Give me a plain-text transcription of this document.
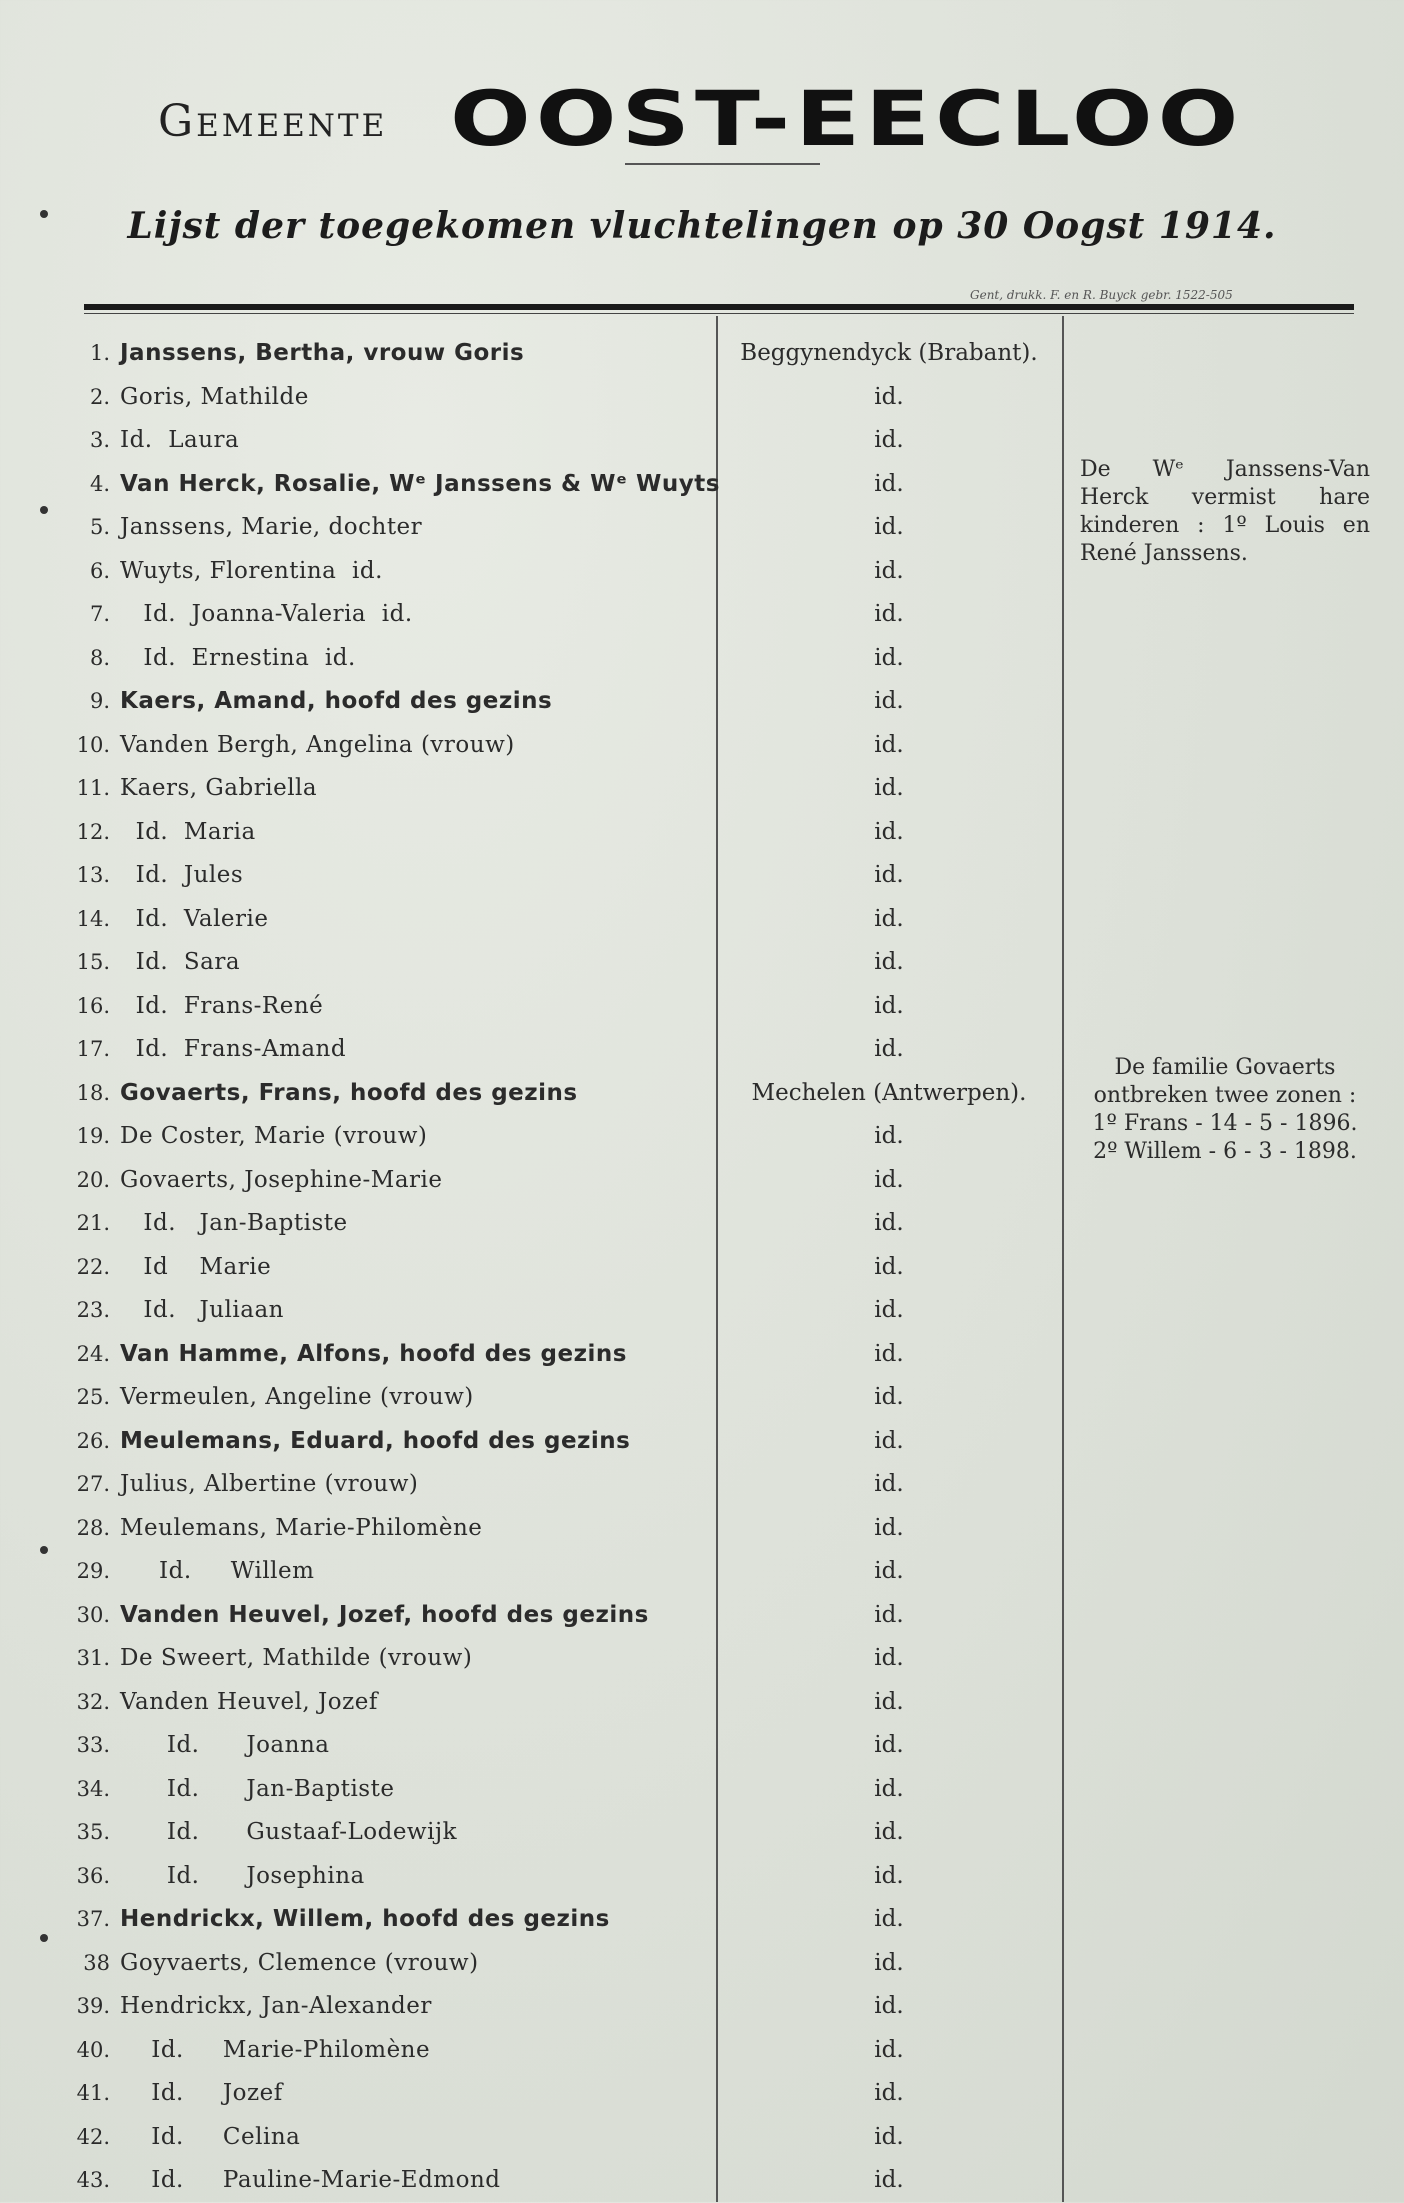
Gemeente OOST-EECLOO
Lijst der toegekomen vluchtelingen op 30 Oogst 1914.
Gent, drukk. F. en R. Buyck gebr. 1522-505
1. Janssens, Bertha, vrouw Goris	Beggynendyck (Brabant).
2. Goris, Mathilde	id.
3. Id.  Laura	id.
4. Van Herck, Rosalie, Wᵉ Janssens & Wᵉ Wuyts	id.
5. Janssens, Marie, dochter	id.
6. Wuyts, Florentina  id.	id.
7. Id.  Joanna-Valeria  id.	id.
8. Id.  Ernestina  id.	id.
9. Kaers, Amand, hoofd des gezins	id.
10. Vanden Bergh, Angelina (vrouw)	id.
11. Kaers, Gabriella	id.
12. Id.  Maria	id.
13. Id.  Jules	id.
14. Id.  Valerie	id.
15. Id.  Sara	id.
16. Id.  Frans-René	id.
17. Id.  Frans-Amand	id.
18. Govaerts, Frans, hoofd des gezins	Mechelen (Antwerpen).
19. De Coster, Marie (vrouw)	id.
20. Govaerts, Josephine-Marie	id.
21. Id.   Jan-Baptiste	id.
22. Id    Marie	id.
23. Id.   Juliaan	id.
24. Van Hamme, Alfons, hoofd des gezins	id.
25. Vermeulen, Angeline (vrouw)	id.
26. Meulemans, Eduard, hoofd des gezins	id.
27. Julius, Albertine (vrouw)	id.
28. Meulemans, Marie-Philomène	id.
29. Id.     Willem	id.
30. Vanden Heuvel, Jozef, hoofd des gezins	id.
31. De Sweert, Mathilde (vrouw)	id.
32. Vanden Heuvel, Jozef	id.
33. Id.      Joanna	id.
34. Id.      Jan-Baptiste	id.
35. Id.      Gustaaf-Lodewijk	id.
36. Id.      Josephina	id.
37. Hendrickx, Willem, hoofd des gezins	id.
38 Goyvaerts, Clemence (vrouw)	id.
39. Hendrickx, Jan-Alexander	id.
40. Id.     Marie-Philomène	id.
41. Id.     Jozef	id.
42. Id.     Celina	id.
43. Id.     Pauline-Marie-Edmond	id.
De Wᵉ Janssens-Van Herck vermist hare kinderen : 1º Louis en René Janssens.
De familie Govaerts
ontbreken twee zonen :
1º Frans - 14 - 5 - 1896.
2º Willem - 6 - 3 - 1898.
